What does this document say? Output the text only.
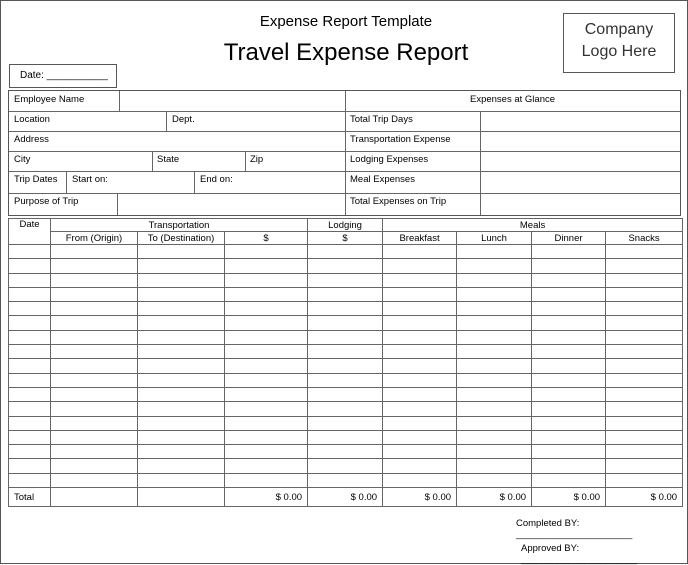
Expense Report Template
Travel Expense Report
Company
Logo Here
Date: ___________
Employee Name
Location	Dept.
Address
City	State	Zip
Trip Dates Start on:	End on:
Purpose of Trip
Expenses at Glance
Total Trip Days
Transportation Expense
Lodging Expenses
Meal Expenses
Total Expenses on Trip
Date	Transportation			Lodging	Meals			
	From (Origin)	To (Destination)	$	$	Breakfast	Lunch	Dinner	Snacks

Total			$ 0.00	$ 0.00	$ 0.00	$ 0.00	$ 0.00	$ 0.00
Completed BY: ______________________
Approved BY: ______________________
